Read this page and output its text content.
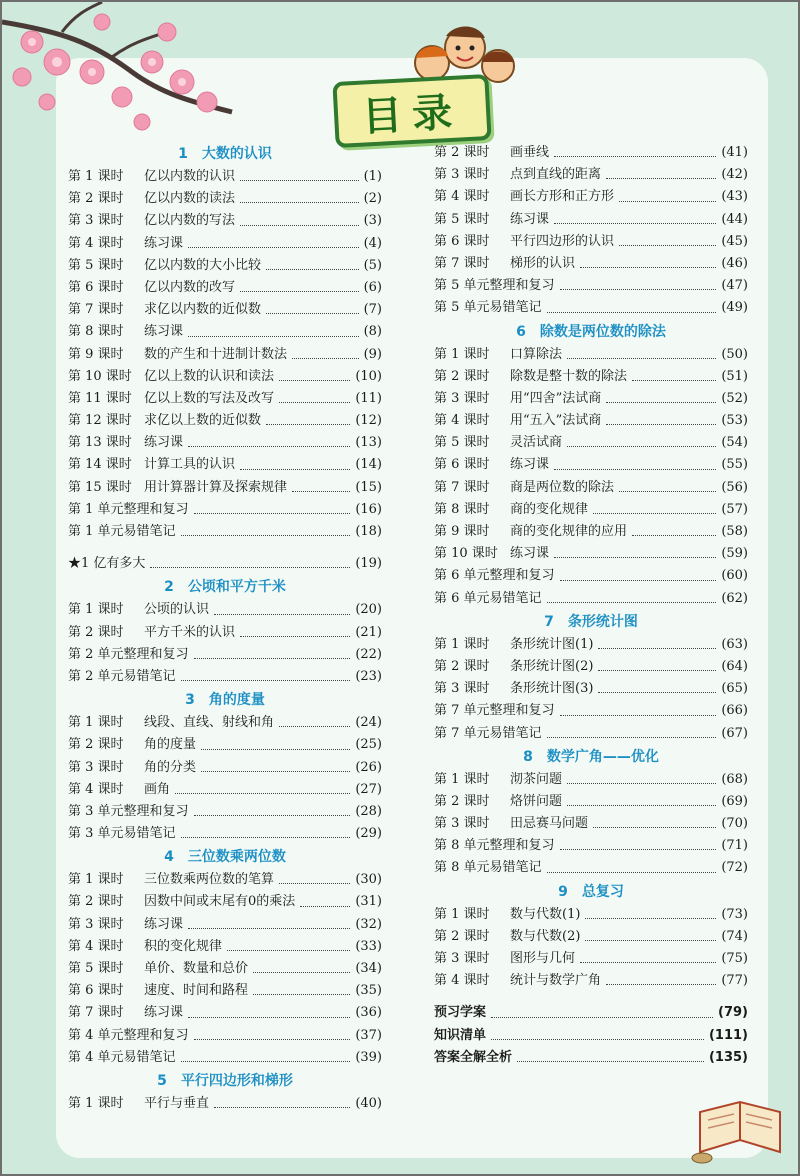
目录
1　大数的认识
第 1 课时 亿以内数的认识	(1)
第 2 课时 亿以内数的读法	(2)
第 3 课时 亿以内数的写法	(3)
第 4 课时 练习课	(4)
第 5 课时 亿以内数的大小比较	(5)
第 6 课时 亿以内数的改写	(6)
第 7 课时 求亿以内数的近似数	(7)
第 8 课时 练习课	(8)
第 9 课时 数的产生和十进制计数法	(9)
第 10 课时 亿以上数的认识和读法	(10)
第 11 课时 亿以上数的写法及改写	(11)
第 12 课时 求亿以上数的近似数	(12)
第 13 课时 练习课	(13)
第 14 课时 计算工具的认识	(14)
第 15 课时 用计算器计算及探索规律	(15)
第 1 单元整理和复习	(16)
第 1 单元易错笔记	(18)
★1 亿有多大	(19)
2　公顷和平方千米
第 1 课时 公顷的认识	(20)
第 2 课时 平方千米的认识	(21)
第 2 单元整理和复习	(22)
第 2 单元易错笔记	(23)
3　角的度量
第 1 课时 线段、直线、射线和角	(24)
第 2 课时 角的度量	(25)
第 3 课时 角的分类	(26)
第 4 课时 画角	(27)
第 3 单元整理和复习	(28)
第 3 单元易错笔记	(29)
4　三位数乘两位数
第 1 课时 三位数乘两位数的笔算	(30)
第 2 课时 因数中间或末尾有0的乘法	(31)
第 3 课时 练习课	(32)
第 4 课时 积的变化规律	(33)
第 5 课时 单价、数量和总价	(34)
第 6 课时 速度、时间和路程	(35)
第 7 课时 练习课	(36)
第 4 单元整理和复习	(37)
第 4 单元易错笔记	(39)
5　平行四边形和梯形
第 1 课时 平行与垂直	(40)
第 2 课时 画垂线	(41)
第 3 课时 点到直线的距离	(42)
第 4 课时 画长方形和正方形	(43)
第 5 课时 练习课	(44)
第 6 课时 平行四边形的认识	(45)
第 7 课时 梯形的认识	(46)
第 5 单元整理和复习	(47)
第 5 单元易错笔记	(49)
6　除数是两位数的除法
第 1 课时 口算除法	(50)
第 2 课时 除数是整十数的除法	(51)
第 3 课时 用“四舍”法试商	(52)
第 4 课时 用“五入”法试商	(53)
第 5 课时 灵活试商	(54)
第 6 课时 练习课	(55)
第 7 课时 商是两位数的除法	(56)
第 8 课时 商的变化规律	(57)
第 9 课时 商的变化规律的应用	(58)
第 10 课时 练习课	(59)
第 6 单元整理和复习	(60)
第 6 单元易错笔记	(62)
7　条形统计图
第 1 课时 条形统计图(1)	(63)
第 2 课时 条形统计图(2)	(64)
第 3 课时 条形统计图(3)	(65)
第 7 单元整理和复习	(66)
第 7 单元易错笔记	(67)
8　数学广角——优化
第 1 课时 沏茶问题	(68)
第 2 课时 烙饼问题	(69)
第 3 课时 田忌赛马问题	(70)
第 8 单元整理和复习	(71)
第 8 单元易错笔记	(72)
9　总复习
第 1 课时 数与代数(1)	(73)
第 2 课时 数与代数(2)	(74)
第 3 课时 图形与几何	(75)
第 4 课时 统计与数学广角	(77)
预习学案	(79)
知识清单	(111)
答案全解全析	(135)
